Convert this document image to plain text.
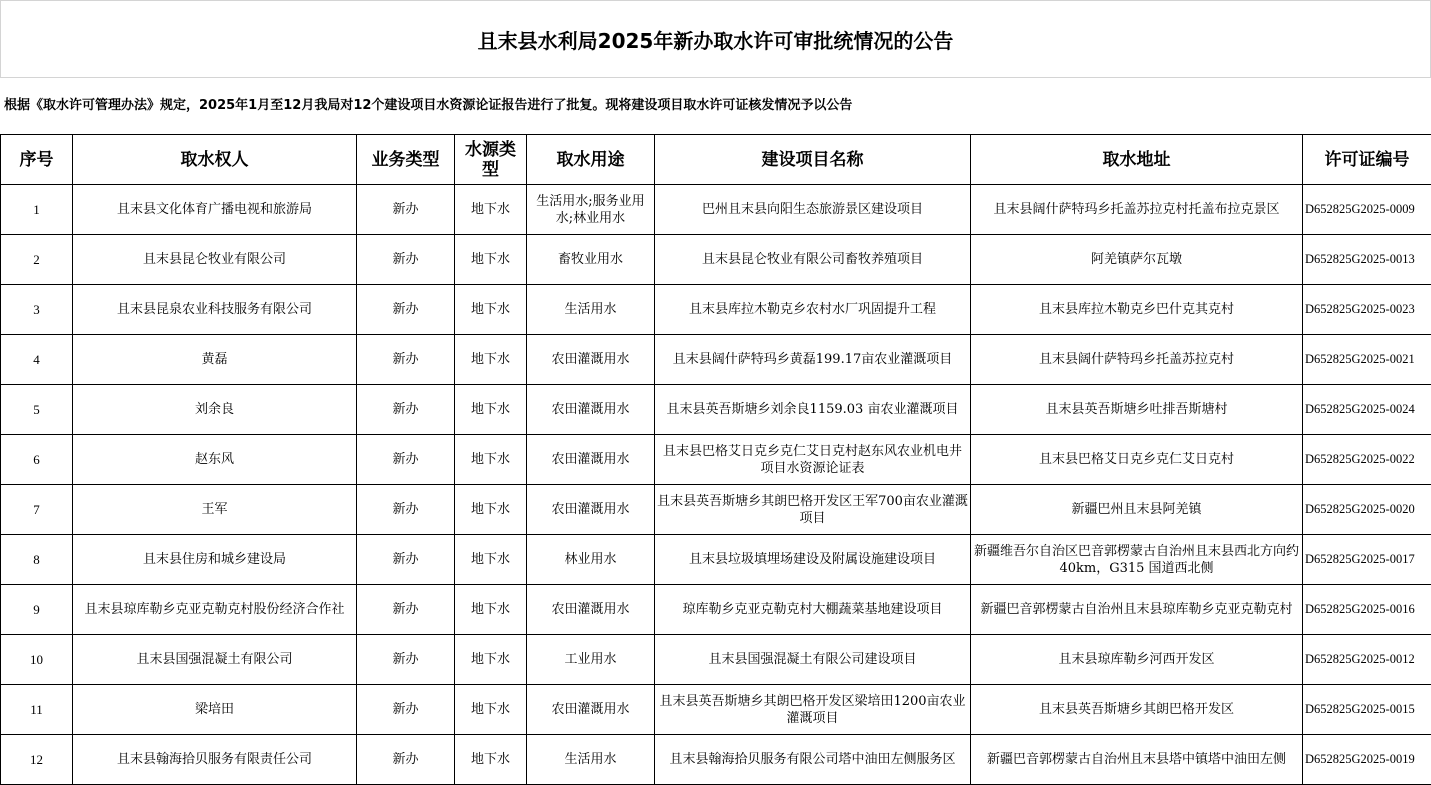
且末县水利局2025年新办取水许可审批统情况的公告
根据《取水许可管理办法》规定，2025年1月至12月我局对12个建设项目水资源论证报告进行了批复。现将建设项目取水许可证核发情况予以公告
序号	取水权人	业务类型	水源类型	取水用途	建设项目名称	取水地址	许可证编号
1	且末县文化体育广播电视和旅游局	新办	地下水	生活用水;服务业用水;林业用水	巴州且末县向阳生态旅游景区建设项目	且末县阔什萨特玛乡托盖苏拉克村托盖布拉克景区	D652825G2025-0009
2	且末县昆仑牧业有限公司	新办	地下水	畜牧业用水	且末县昆仑牧业有限公司畜牧养殖项目	阿羌镇萨尔瓦墩	D652825G2025-0013
3	且末县昆泉农业科技服务有限公司	新办	地下水	生活用水	且末县库拉木勒克乡农村水厂巩固提升工程	且末县库拉木勒克乡巴什克其克村	D652825G2025-0023
4	黄磊	新办	地下水	农田灌溉用水	且末县阔什萨特玛乡黄磊199.17亩农业灌溉项目	且末县阔什萨特玛乡托盖苏拉克村	D652825G2025-0021
5	刘余良	新办	地下水	农田灌溉用水	且末县英吾斯塘乡刘余良1159.03 亩农业灌溉项目	且末县英吾斯塘乡吐排吾斯塘村	D652825G2025-0024
6	赵东风	新办	地下水	农田灌溉用水	且末县巴格艾日克乡克仁艾日克村赵东风农业机电井项目水资源论证表	且末县巴格艾日克乡克仁艾日克村	D652825G2025-0022
7	王军	新办	地下水	农田灌溉用水	且末县英吾斯塘乡其朗巴格开发区王军700亩农业灌溉项目	新疆巴州且末县阿羌镇	D652825G2025-0020
8	且末县住房和城乡建设局	新办	地下水	林业用水	且末县垃圾填埋场建设及附属设施建设项目	新疆维吾尔自治区巴音郭楞蒙古自治州且末县西北方向约 40km，G315 国道西北侧	D652825G2025-0017
9	且末县琼库勒乡克亚克勒克村股份经济合作社	新办	地下水	农田灌溉用水	琼库勒乡克亚克勒克村大棚蔬菜基地建设项目	新疆巴音郭楞蒙古自治州且末县琼库勒乡克亚克勒克村	D652825G2025-0016
10	且末县国强混凝土有限公司	新办	地下水	工业用水	且末县国强混凝土有限公司建设项目	且末县琼库勒乡河西开发区	D652825G2025-0012
11	梁培田	新办	地下水	农田灌溉用水	且末县英吾斯塘乡其朗巴格开发区梁培田1200亩农业灌溉项目	且末县英吾斯塘乡其朗巴格开发区	D652825G2025-0015
12	且末县翰海拾贝服务有限责任公司	新办	地下水	生活用水	且末县翰海拾贝服务有限公司塔中油田左侧服务区	新疆巴音郭楞蒙古自治州且末县塔中镇塔中油田左侧	D652825G2025-0019
